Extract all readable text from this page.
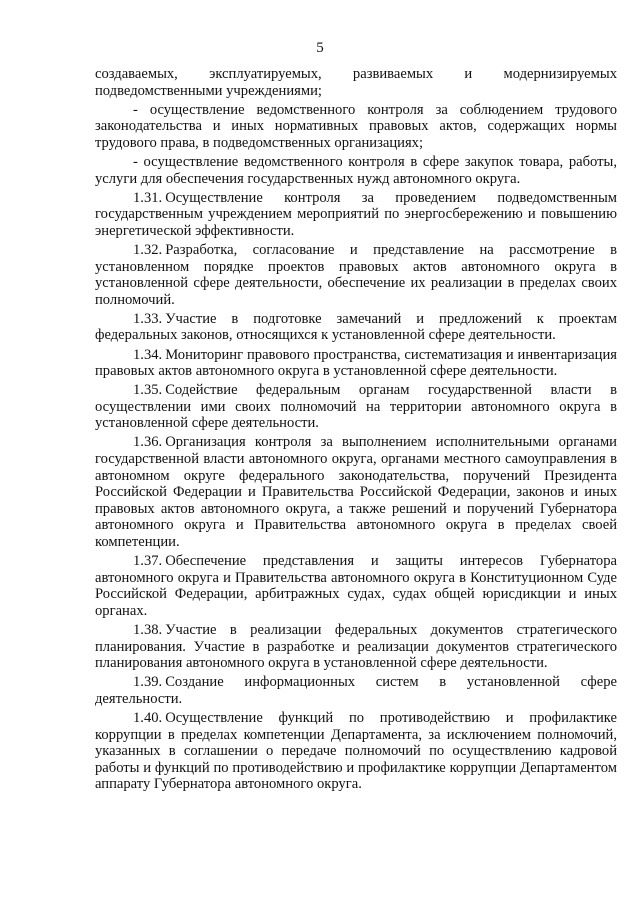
5

создаваемых, эксплуатируемых, развиваемых и модернизируемых подведомственными учреждениями;

- осуществление ведомственного контроля за соблюдением трудового законодательства и иных нормативных правовых актов, содержащих нормы трудового права, в подведомственных организациях;

- осуществление ведомственного контроля в сфере закупок товара, работы, услуги для обеспечения государственных нужд автономного округа.

1.31. Осуществление контроля за проведением подведомственным государственным учреждением мероприятий по энергосбережению и повышению энергетической эффективности.

1.32. Разработка, согласование и представление на рассмотрение в установленном порядке проектов правовых актов автономного округа в установленной сфере деятельности, обеспечение их реализации в пределах своих полномочий.

1.33. Участие в подготовке замечаний и предложений к проектам федеральных законов, относящихся к установленной сфере деятельности.

1.34. Мониторинг правового пространства, систематизация и инвентаризация правовых актов автономного округа в установленной сфере деятельности.

1.35. Содействие федеральным органам государственной власти в осуществлении ими своих полномочий на территории автономного округа в установленной сфере деятельности.

1.36. Организация контроля за выполнением исполнительными органами государственной власти автономного округа, органами местного самоуправления в автономном округе федерального законодательства, поручений Президента Российской Федерации и Правительства Российской Федерации, законов и иных правовых актов автономного округа, а также решений и поручений Губернатора автономного округа и Правительства автономного округа в пределах своей компетенции.

1.37. Обеспечение представления и защиты интересов Губернатора автономного округа и Правительства автономного округа в Конституционном Суде Российской Федерации, арбитражных судах, судах общей юрисдикции и иных органах.

1.38. Участие в реализации федеральных документов стратегического планирования. Участие в разработке и реализации документов стратегического планирования автономного округа в установленной сфере деятельности.

1.39. Создание информационных систем в установленной сфере деятельности.

1.40. Осуществление функций по противодействию и профилактике коррупции в пределах компетенции Департамента, за исключением полномочий, указанных в соглашении о передаче полномочий по осуществлению кадровой работы и функций по противодействию и профилактике коррупции Департаментом аппарату Губернатора автономного округа.
